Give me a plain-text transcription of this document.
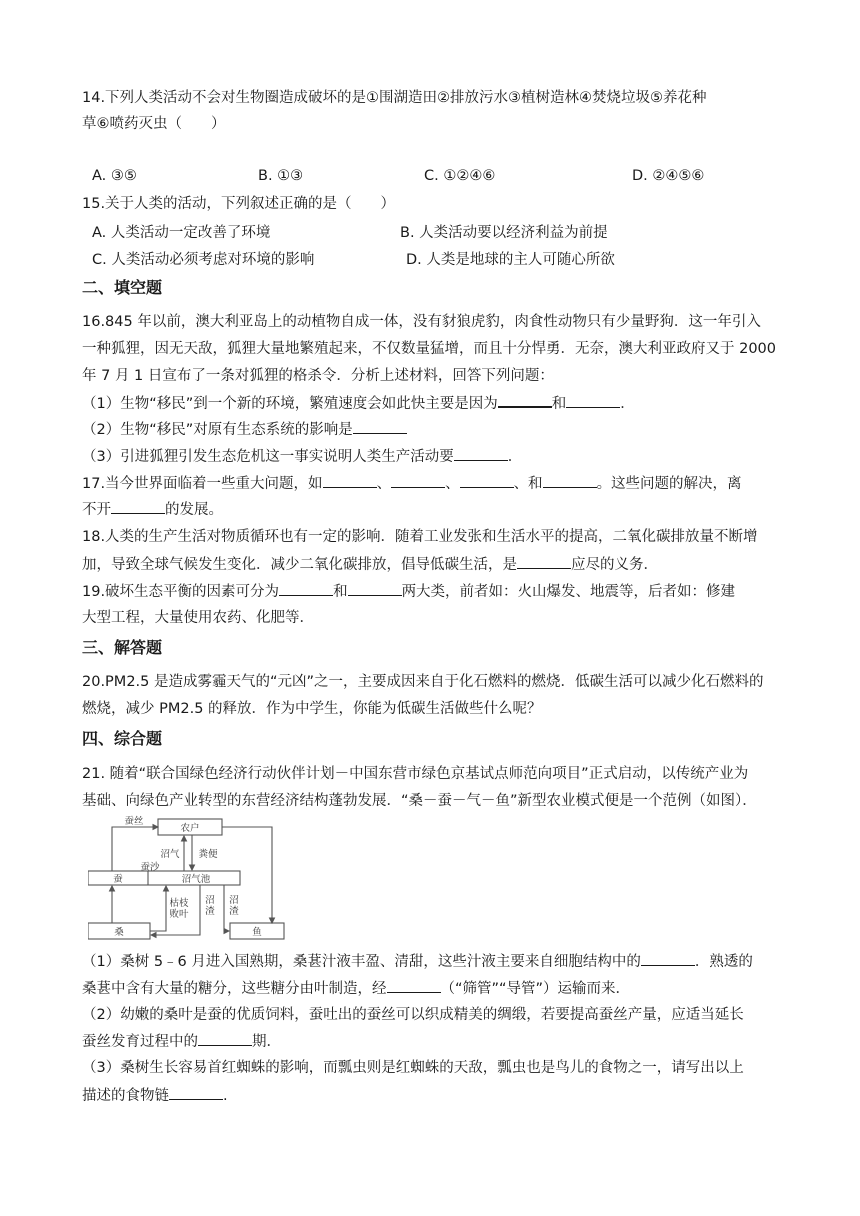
14.下列人类活动不会对生物圈造成破坏的是①围湖造田②排放污水③植树造林④焚烧垃圾⑤养花种
草⑥喷药灭虫（　　）
A. ③⑤	B. ①③	C. ①②④⑥	D. ②④⑤⑥
15.关于人类的活动，下列叙述正确的是（　　）
A. 人类活动一定改善了环境	B. 人类活动要以经济利益为前提
C. 人类活动必须考虑对环境的影响	D. 人类是地球的主人可随心所欲
二、填空题
16.845 年以前，澳大利亚岛上的动植物自成一体，没有豺狼虎豹，肉食性动物只有少量野狗．这一年引入
一种狐狸，因无天敌，狐狸大量地繁殖起来，不仅数量猛增，而且十分悍勇．无奈，澳大利亚政府又于 2000
年 7 月 1 日宣布了一条对狐狸的格杀令．分析上述材料，回答下列问题：
（1）生物“移民”到一个新的环境，繁殖速度会如此快主要是因为	和	．
（2）生物“移民”对原有生态系统的影响是
（3）引进狐狸引发生态危机这一事实说明人类生产活动要	．
17.当今世界面临着一些重大问题，如	、	、	、和	。这些问题的解决，离
不开	的发展。
18.人类的生产生活对物质循环也有一定的影响．随着工业发张和生活水平的提高，二氧化碳排放量不断增
加，导致全球气候发生变化．减少二氧化碳排放，倡导低碳生活，是	应尽的义务．
19.破坏生态平衡的因素可分为	和	两大类，前者如：火山爆发、地震等，后者如：修建
大型工程，大量使用农药、化肥等．
三、解答题
20.PM2.5 是造成雾霾天气的“元凶”之一，主要成因来自于化石燃料的燃烧．低碳生活可以减少化石燃料的
燃烧，减少 PM2.5 的释放．作为中学生，你能为低碳生活做些什么呢？
四、综合题
21. 随着“联合国绿色经济行动伙伴计划－中国东营市绿色京基试点师范向项目”正式启动，以传统产业为
基础、向绿色产业转型的东营经济结构蓬勃发展．“桑－蚕－气－鱼”新型农业模式便是一个范例（如图）．
农户
蚕	沼气池
桑	鱼
蚕丝
沼气 粪便
蚕沙
枯枝
败叶
沼
渣
沼
渣
（1）桑树 5﹣6 月进入国熟期，桑葚汁液丰盈、清甜，这些汁液主要来自细胞结构中的	．熟透的
桑葚中含有大量的糖分，这些糖分由叶制造，经	（“筛管”“导管”）运输而来．
（2）幼嫩的桑叶是蚕的优质饲料，蚕吐出的蚕丝可以织成精美的绸缎，若要提高蚕丝产量，应适当延长
蚕丝发育过程中的	期．
（3）桑树生长容易首红蜘蛛的影响，而瓢虫则是红蜘蛛的天敌，瓢虫也是鸟儿的食物之一，请写出以上
描述的食物链	.
